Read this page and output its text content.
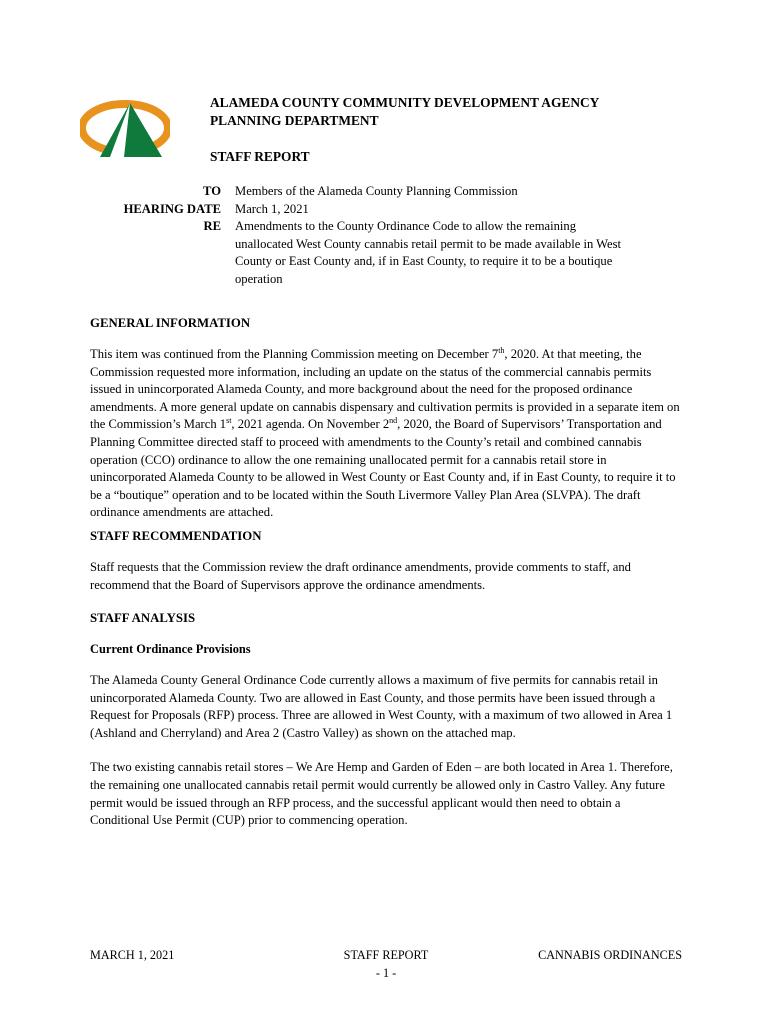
ALAMEDA COUNTY COMMUNITY DEVELOPMENT AGENCY
PLANNING DEPARTMENT
STAFF REPORT
TO Members of the Alameda County Planning Commission
HEARING DATE March 1, 2021
RE Amendments to the County Ordinance Code to allow the remaining unallocated West County cannabis retail permit to be made available in West County or East County and, if in East County, to require it to be a boutique operation
GENERAL INFORMATION

This item was continued from the Planning Commission meeting on December 7th, 2020. At that meeting, the Commission requested more information, including an update on the status of the commercial cannabis permits issued in unincorporated Alameda County, and more background about the need for the proposed ordinance amendments. A more general update on cannabis dispensary and cultivation permits is provided in a separate item on the Commission’s March 1st, 2021 agenda. On November 2nd, 2020, the Board of Supervisors’ Transportation and Planning Committee directed staff to proceed with amendments to the County’s retail and combined cannabis operation (CCO) ordinance to allow the one remaining unallocated permit for a cannabis retail store in unincorporated Alameda County to be allowed in West County or East County and, if in East County, to require it to be a “boutique” operation and to be located within the South Livermore Valley Plan Area (SLVPA). The draft ordinance amendments are attached.

STAFF RECOMMENDATION

Staff requests that the Commission review the draft ordinance amendments, provide comments to staff, and recommend that the Board of Supervisors approve the ordinance amendments.

STAFF ANALYSIS
Current Ordinance Provisions

The Alameda County General Ordinance Code currently allows a maximum of five permits for cannabis retail in unincorporated Alameda County. Two are allowed in East County, and those permits have been issued through a Request for Proposals (RFP) process. Three are allowed in West County, with a maximum of two allowed in Area 1 (Ashland and Cherryland) and Area 2 (Castro Valley) as shown on the attached map.

The two existing cannabis retail stores – We Are Hemp and Garden of Eden – are both located in Area 1. Therefore, the remaining one unallocated cannabis retail permit would currently be allowed only in Castro Valley. Any future permit would be issued through an RFP process, and the successful applicant would then need to obtain a Conditional Use Permit (CUP) prior to commencing operation.

MARCH 1, 2021	STAFF REPORT
- 1 -
CANNABIS ORDINANCES
